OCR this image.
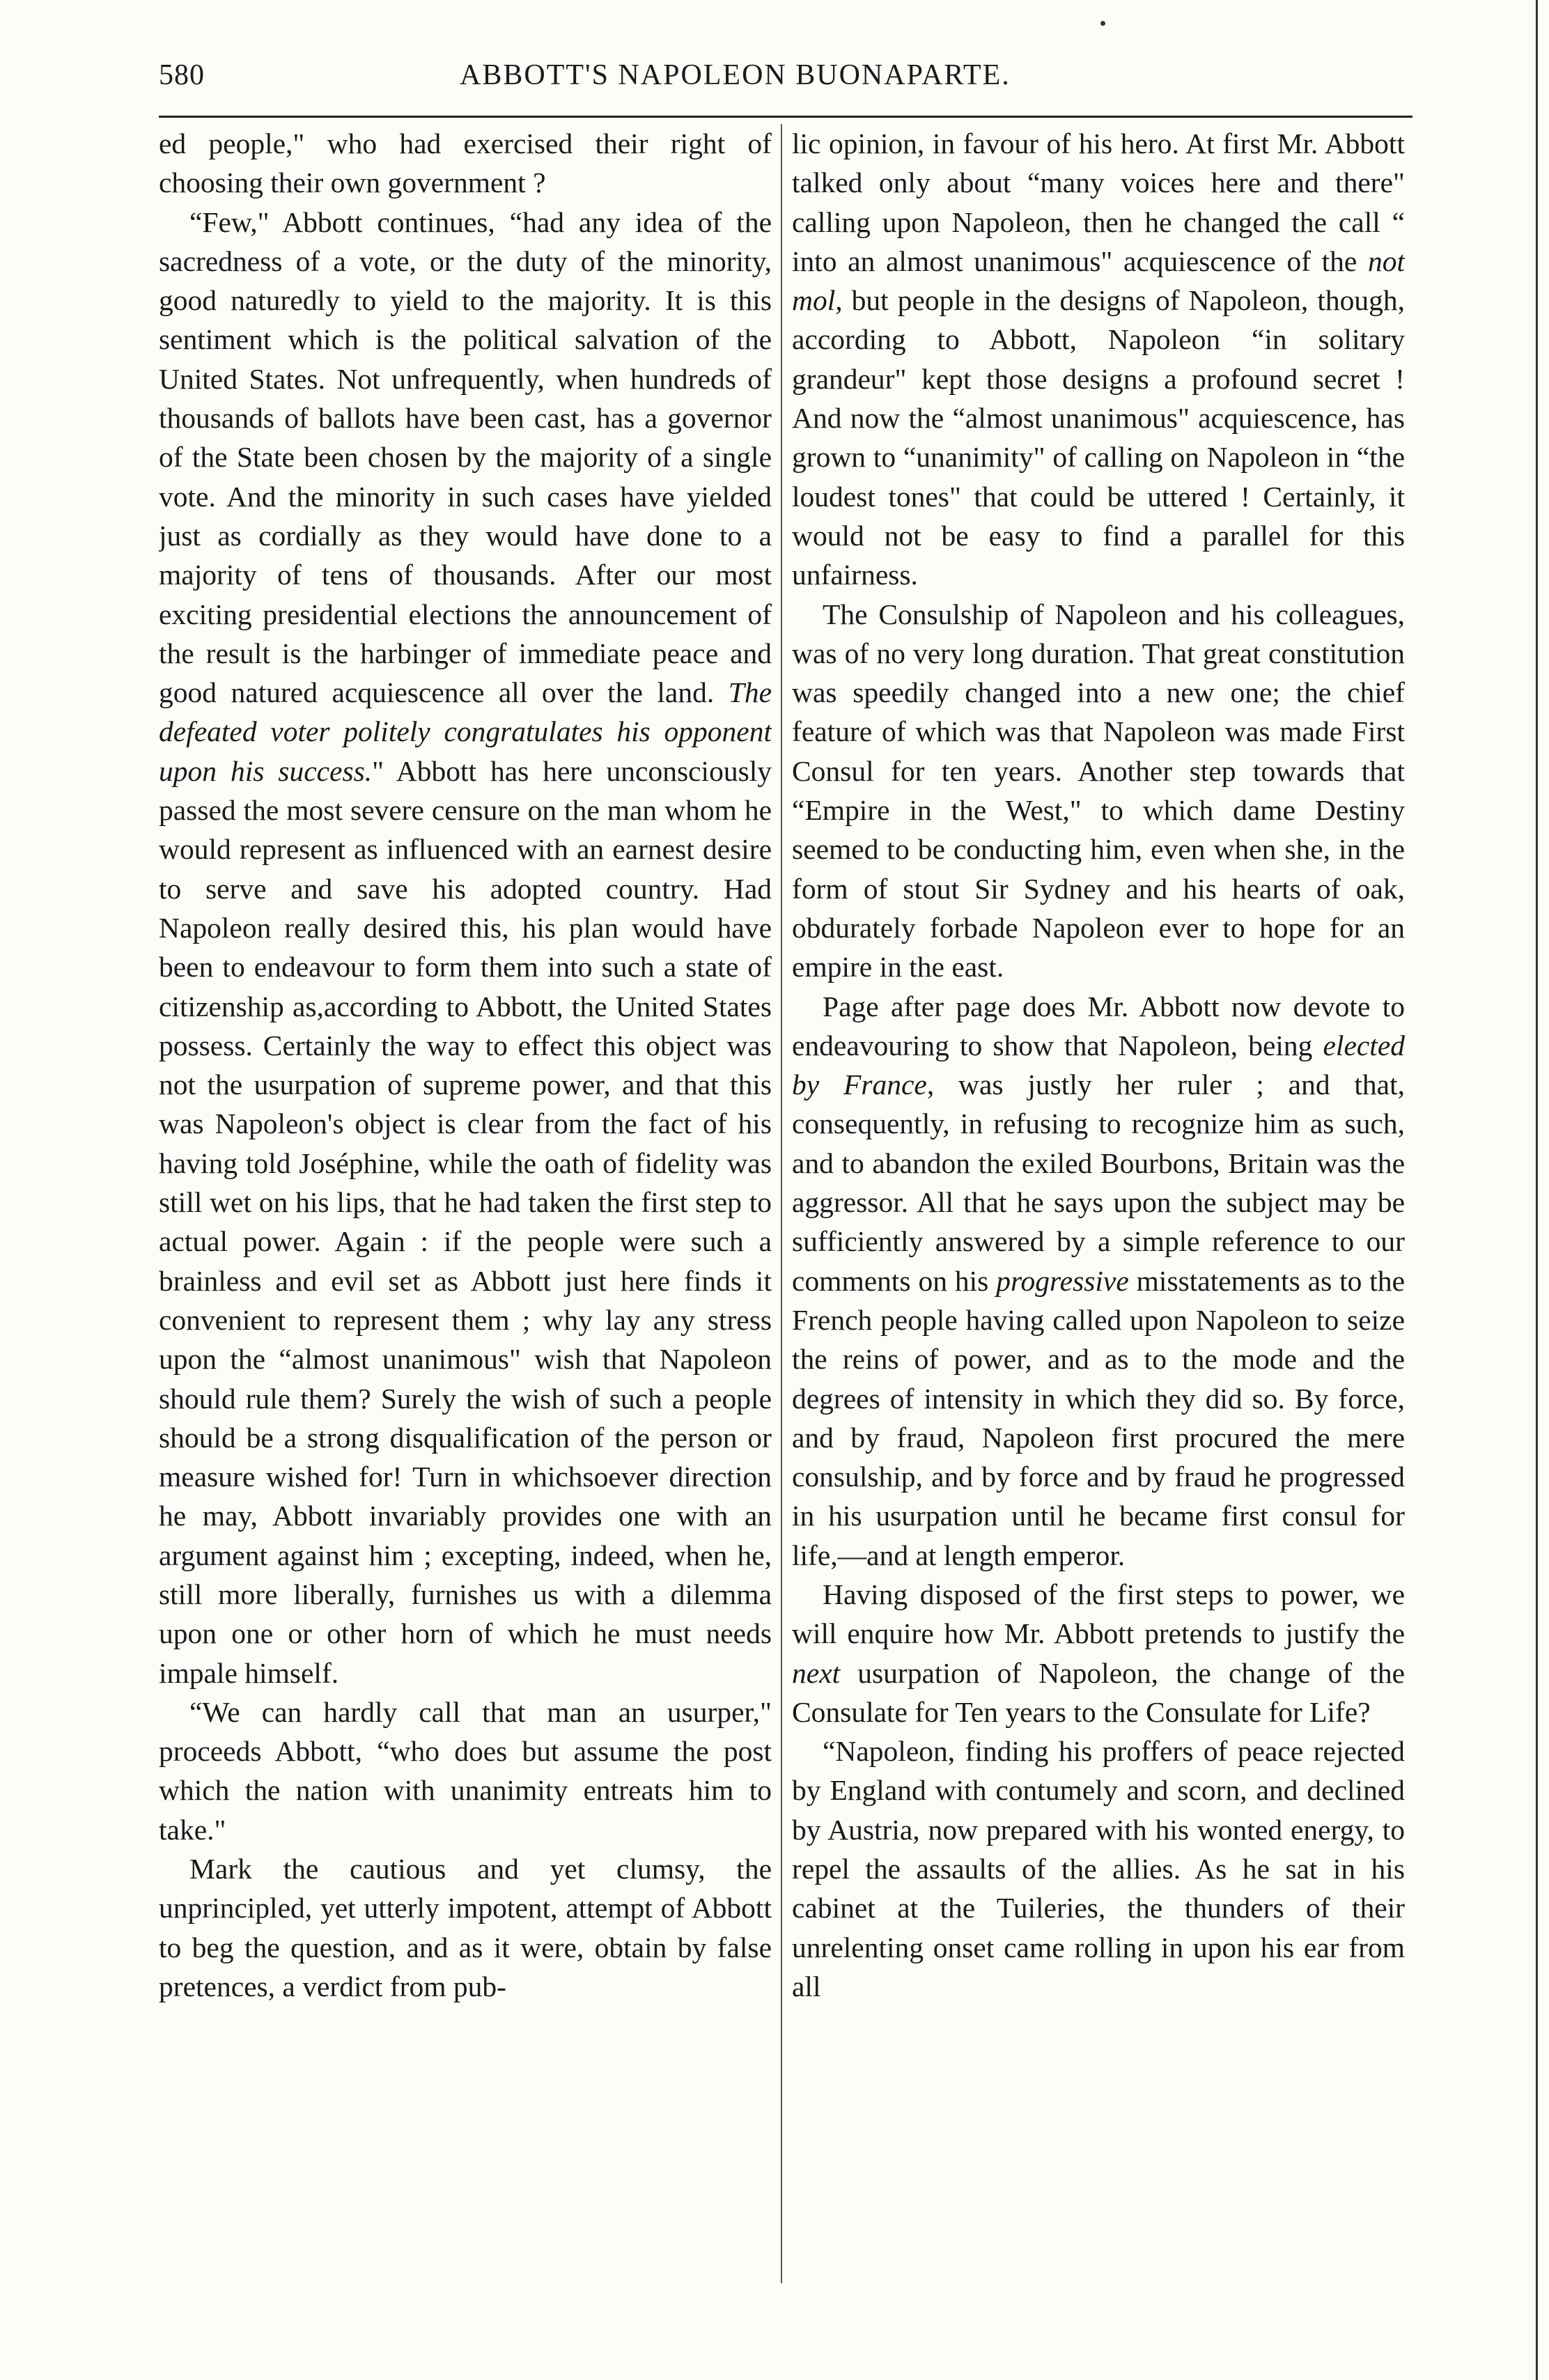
580	ABBOTT'S NAPOLEON BUONAPARTE.

ed people," who had exercised their right of choosing their own government ?

“Few," Abbott continues, “had any idea of the sacredness of a vote, or the duty of the minority, good naturedly to yield to the majority. It is this sentiment which is the political salvation of the United States. Not unfrequently, when hundreds of thousands of ballots have been cast, has a governor of the State been chosen by the majority of a single vote. And the minority in such cases have yielded just as cordially as they would have done to a majority of tens of thousands. After our most exciting presidential elections the announcement of the result is the harbinger of immediate peace and good natured acquiescence all over the land. The defeated voter politely congratulates his opponent upon his success." Abbott has here unconsciously passed the most severe censure on the man whom he would represent as influenced with an earnest desire to serve and save his adopted country. Had Napoleon really desired this, his plan would have been to endeavour to form them into such a state of citizenship as,according to Abbott, the United States possess. Certainly the way to effect this object was not the usurpation of supreme power, and that this was Napoleon's object is clear from the fact of his having told Joséphine, while the oath of fidelity was still wet on his lips, that he had taken the first step to actual power. Again : if the people were such a brainless and evil set as Abbott just here finds it convenient to represent them ; why lay any stress upon the “almost unanimous" wish that Napoleon should rule them? Surely the wish of such a people should be a strong disqualification of the person or measure wished for! Turn in whichsoever direction he may, Abbott invariably provides one with an argument against him ; excepting, indeed, when he, still more liberally, furnishes us with a dilemma upon one or other horn of which he must needs impale himself.

“We can hardly call that man an usurper," proceeds Abbott, “who does but assume the post which the nation with unanimity entreats him to take."

Mark the cautious and yet clumsy, the unprincipled, yet utterly impotent, attempt of Abbott to beg the question, and as it were, obtain by false pretences, a verdict from pub-

lic opinion, in favour of his hero. At first Mr. Abbott talked only about “many voices here and there" calling upon Napoleon, then he changed the call “ into an almost unanimous" acquiescence of the not mol, but people in the designs of Napoleon, though, according to Abbott, Napoleon “in solitary grandeur" kept those designs a profound secret ! And now the “almost unanimous" acquiescence, has grown to “unanimity" of calling on Napoleon in “the loudest tones" that could be uttered ! Certainly, it would not be easy to find a parallel for this unfairness.

The Consulship of Napoleon and his colleagues, was of no very long duration. That great constitution was speedily changed into a new one; the chief feature of which was that Napoleon was made First Consul for ten years. Another step towards that “Empire in the West," to which dame Destiny seemed to be conducting him, even when she, in the form of stout Sir Sydney and his hearts of oak, obdurately forbade Napoleon ever to hope for an empire in the east.

Page after page does Mr. Abbott now devote to endeavouring to show that Napoleon, being elected by France, was justly her ruler ; and that, consequently, in refusing to recognize him as such, and to abandon the exiled Bourbons, Britain was the aggressor. All that he says upon the subject may be sufficiently answered by a simple reference to our comments on his progressive misstatements as to the French people having called upon Napoleon to seize the reins of power, and as to the mode and the degrees of intensity in which they did so. By force, and by fraud, Napoleon first procured the mere consulship, and by force and by fraud he progressed in his usurpation until he became first consul for life,—and at length emperor.

Having disposed of the first steps to power, we will enquire how Mr. Abbott pretends to justify the next usurpation of Napoleon, the change of the Consulate for Ten years to the Consulate for Life?

“Napoleon, finding his proffers of peace rejected by England with contumely and scorn, and declined by Austria, now prepared with his wonted energy, to repel the assaults of the allies. As he sat in his cabinet at the Tuileries, the thunders of their unrelenting onset came rolling in upon his ear from all
